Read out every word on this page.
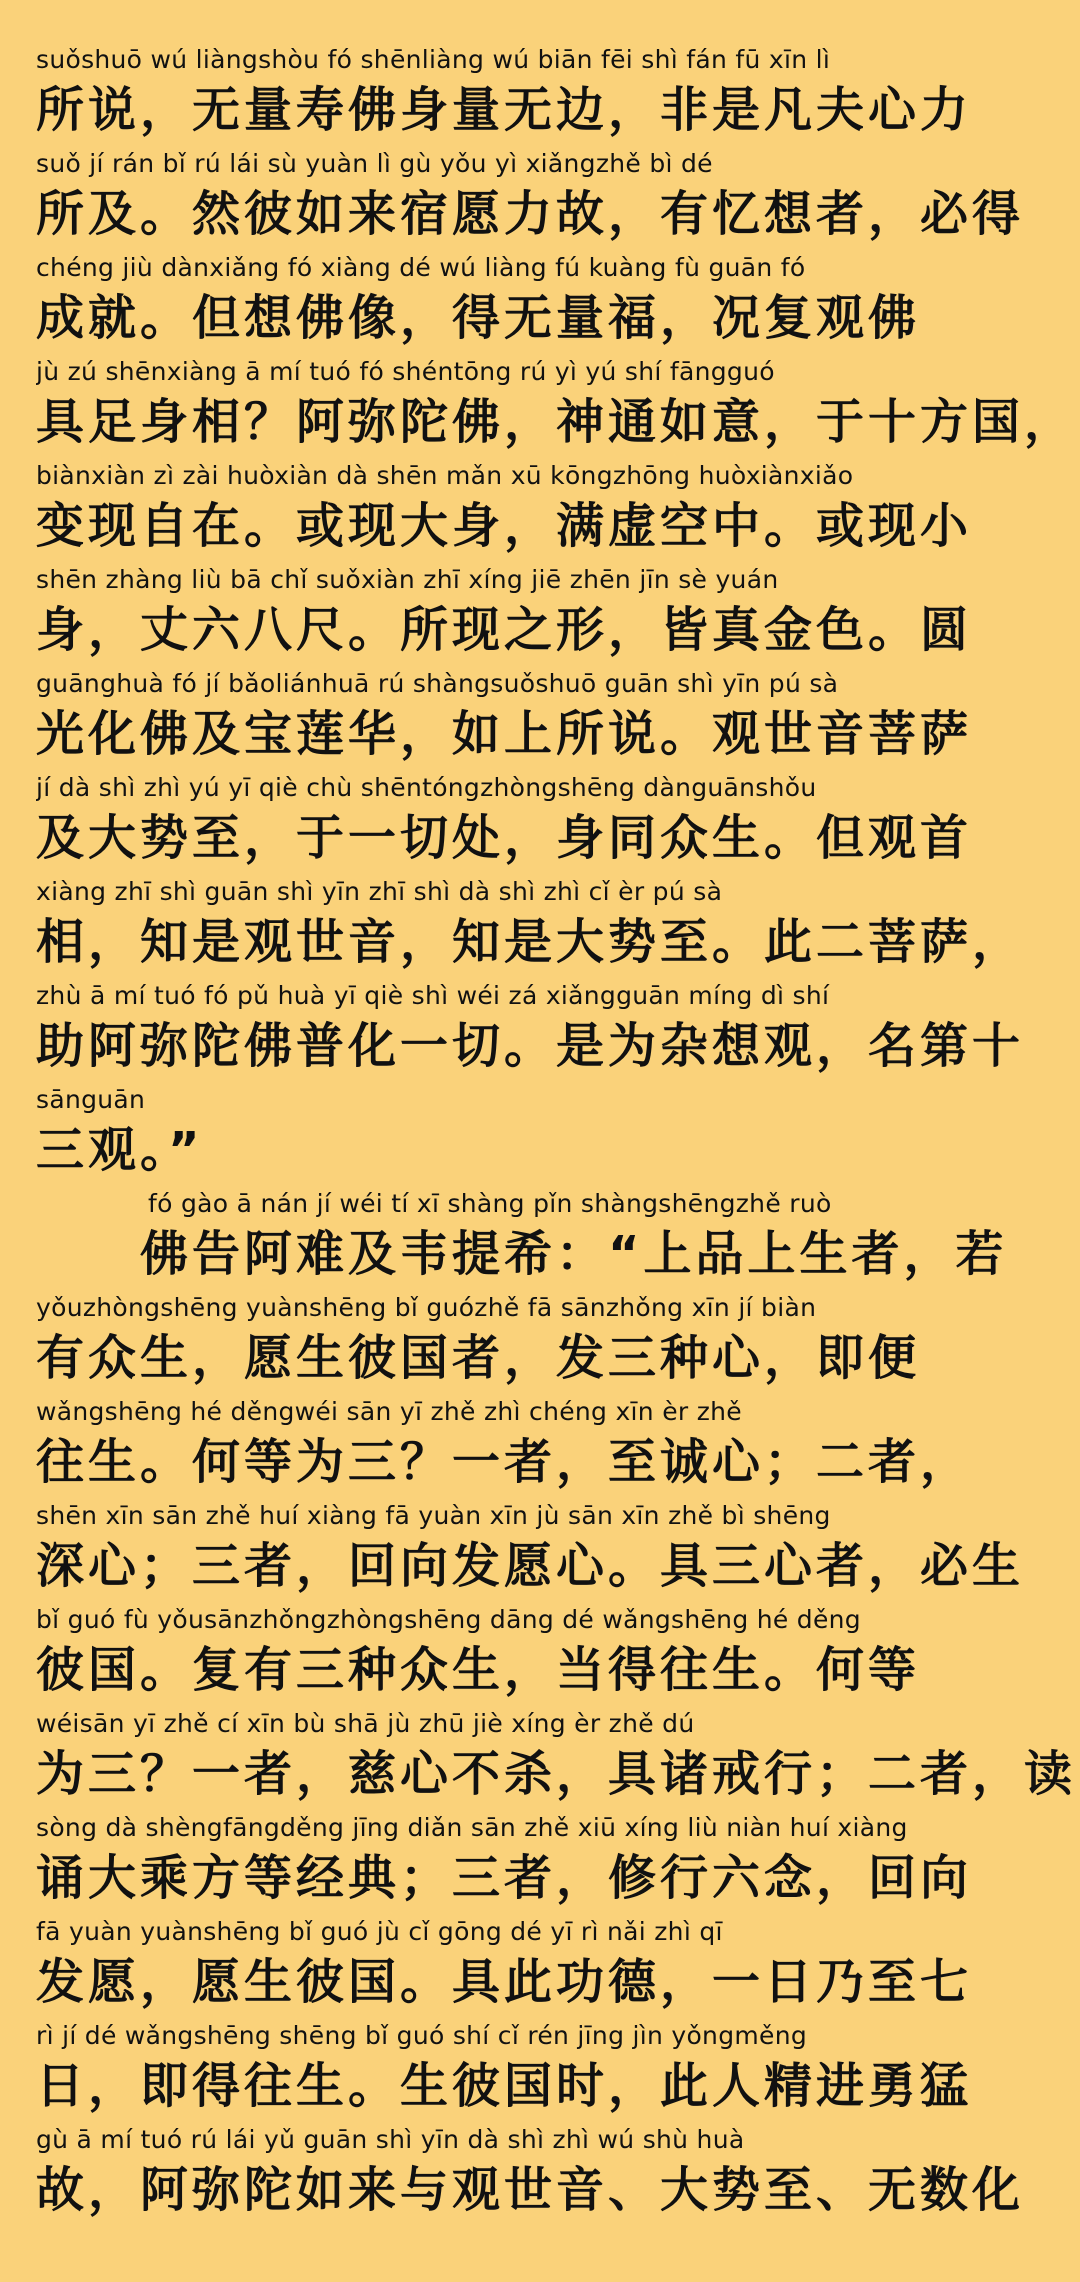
suǒshuō wú liàngshòu fó shēnliàng wú biān fēi shì fán fū xīn lì
所说，无量寿佛身量无边，非是凡夫心力
suǒ jí rán bǐ rú lái sù yuàn lì gù yǒu yì xiǎngzhě bì dé
所及。然彼如来宿愿力故，有忆想者，必得
chéng jiù dànxiǎng fó xiàng dé wú liàng fú kuàng fù guān fó
成就。但想佛像，得无量福，况复观佛
jù zú shēnxiàng ā mí tuó fó shéntōng rú yì yú shí fāngguó
具足身相？阿弥陀佛，神通如意，于十方国，
biànxiàn zì zài huòxiàn dà shēn mǎn xū kōngzhōng huòxiànxiǎo
变现自在。或现大身，满虚空中。或现小
shēn zhàng liù bā chǐ suǒxiàn zhī xíng jiē zhēn jīn sè yuán
身，丈六八尺。所现之形，皆真金色。圆
guānghuà fó jí bǎoliánhuā rú shàngsuǒshuō guān shì yīn pú sà
光化佛及宝莲华，如上所说。观世音菩萨
jí dà shì zhì yú yī qiè chù shēntóngzhòngshēng dànguānshǒu
及大势至，于一切处，身同众生。但观首
xiàng zhī shì guān shì yīn zhī shì dà shì zhì cǐ èr pú sà
相，知是观世音，知是大势至。此二菩萨，
zhù ā mí tuó fó pǔ huà yī qiè shì wéi zá xiǎngguān míng dì shí
助阿弥陀佛普化一切。是为杂想观，名第十
sānguān
三观。”
fó gào ā nán jí wéi tí xī shàng pǐn shàngshēngzhě ruò
佛告阿难及韦提希：“上品上生者，若
yǒuzhòngshēng yuànshēng bǐ guózhě fā sānzhǒng xīn jí biàn
有众生，愿生彼国者，发三种心，即便
wǎngshēng hé děngwéi sān yī zhě zhì chéng xīn èr zhě
往生。何等为三？一者，至诚心；二者，
shēn xīn sān zhě huí xiàng fā yuàn xīn jù sān xīn zhě bì shēng
深心；三者，回向发愿心。具三心者，必生
bǐ guó fù yǒusānzhǒngzhòngshēng dāng dé wǎngshēng hé děng
彼国。复有三种众生，当得往生。何等
wéisān yī zhě cí xīn bù shā jù zhū jiè xíng èr zhě dú
为三？一者，慈心不杀，具诸戒行；二者，读
sòng dà shèngfāngděng jīng diǎn sān zhě xiū xíng liù niàn huí xiàng
诵大乘方等经典；三者，修行六念，回向
fā yuàn yuànshēng bǐ guó jù cǐ gōng dé yī rì nǎi zhì qī
发愿，愿生彼国。具此功德，一日乃至七
rì jí dé wǎngshēng shēng bǐ guó shí cǐ rén jīng jìn yǒngměng
日，即得往生。生彼国时，此人精进勇猛
gù ā mí tuó rú lái yǔ guān shì yīn dà shì zhì wú shù huà
故，阿弥陀如来与观世音、大势至、无数化
